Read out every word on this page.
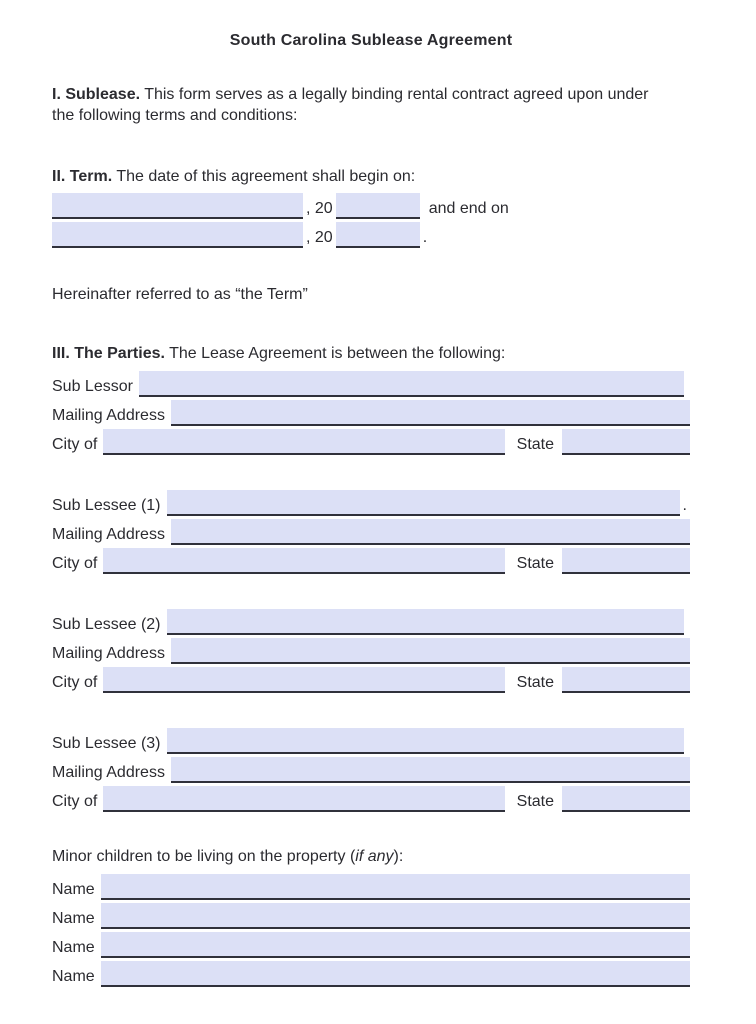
South Carolina Sublease Agreement

I. Sublease. This form serves as a legally binding rental contract agreed upon under the following terms and conditions:

II. Term. The date of this agreement shall begin on:

, 20	and end on
, 20	.

Hereinafter referred to as “the Term”

III. The Parties. The Lease Agreement is between the following:

Sub Lessor
Mailing Address
City of	State
Sub Lessee (1)	.
Mailing Address
City of	State
Sub Lessee (2)
Mailing Address
City of	State
Sub Lessee (3)
Mailing Address
City of	State

Minor children to be living on the property (if any):

Name
Name
Name
Name
